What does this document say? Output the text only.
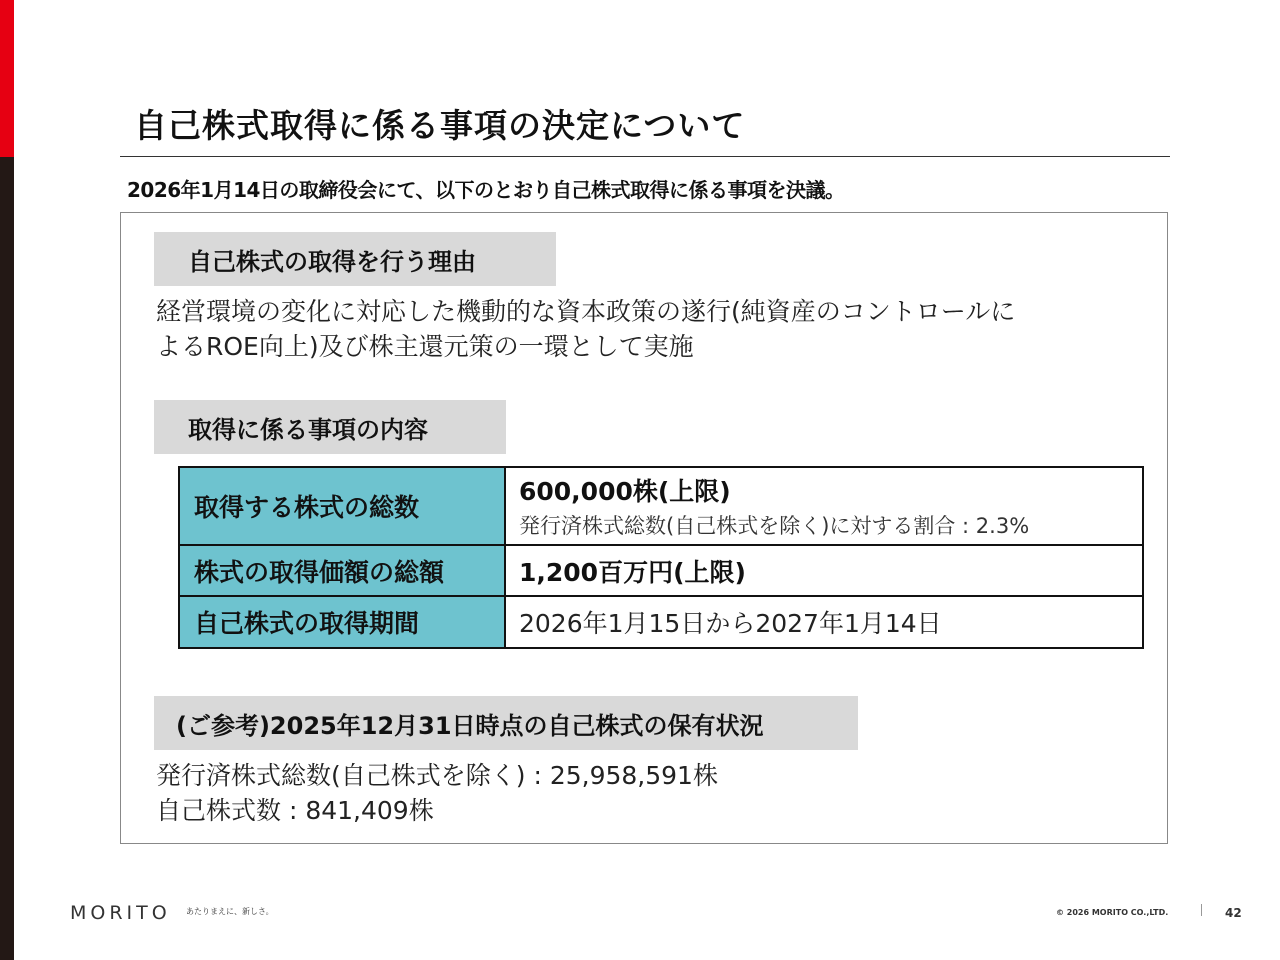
自己株式取得に係る事項の決定について
2026年1月14日の取締役会にて、以下のとおり自己株式取得に係る事項を決議。
自己株式の取得を行う理由
経営環境の変化に対応した機動的な資本政策の遂行(純資産のコントロールに
よるROE向上)及び株主還元策の一環として実施
取得に係る事項の内容
取得する株式の総数	600,000株(上限)
発行済株式総数(自己株式を除く)に対する割合 : 2.3%

株式の取得価額の総額	1,200百万円(上限)

自己株式の取得期間	2026年1月15日から2027年1月14日
(ご参考)2025年12月31日時点の自己株式の保有状況
発行済株式総数(自己株式を除く) : 25,958,591株
自己株式数 : 841,409株
MORITO あたりまえに、新しさ。	© 2026 MORITO CO.,LTD.	42
